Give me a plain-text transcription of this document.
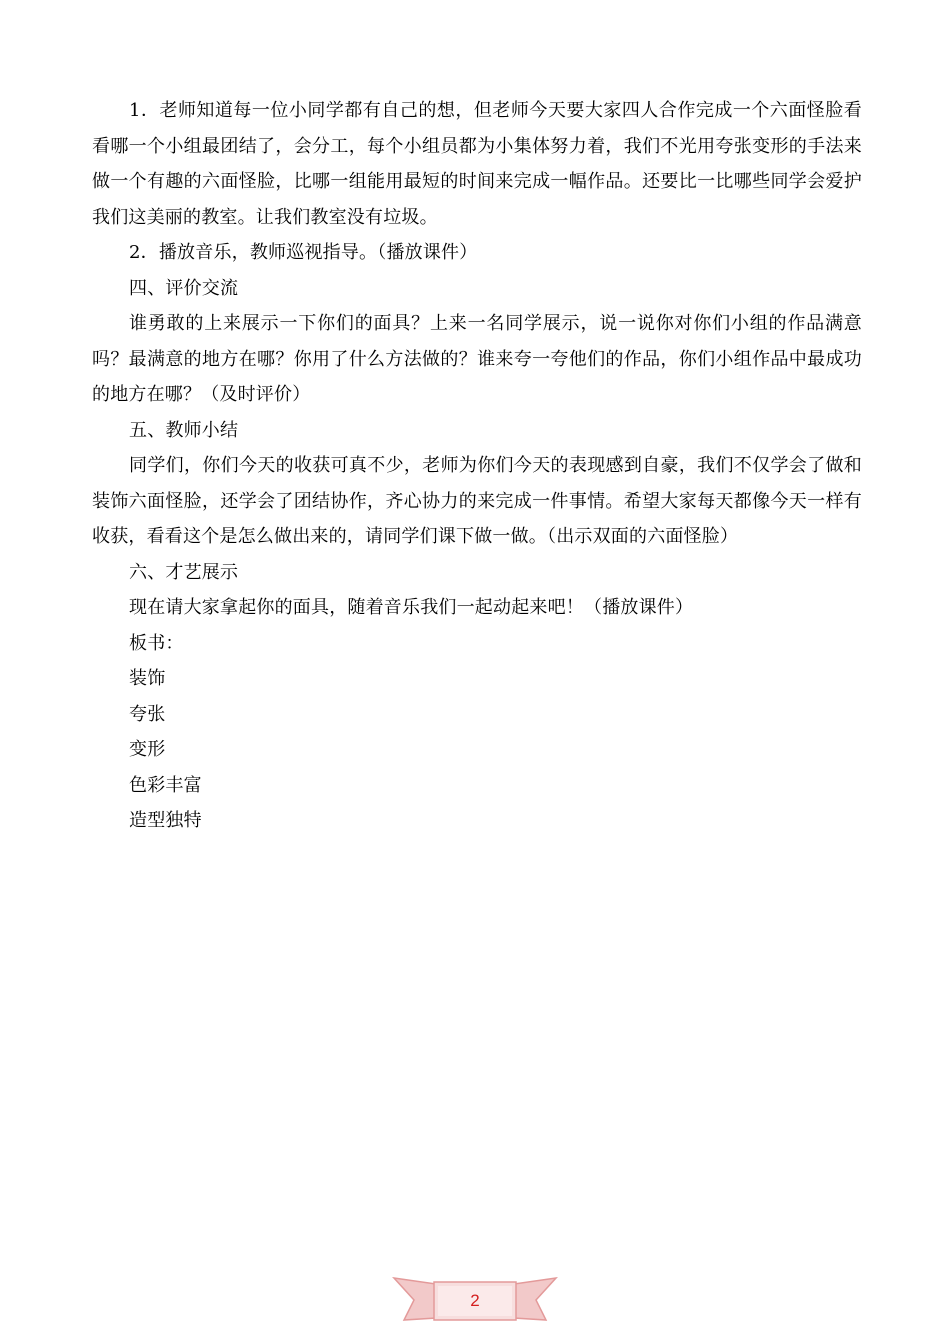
1．老师知道每一位小同学都有自己的想，但老师今天要大家四人合作完成一个六面怪脸看看哪一个小组最团结了，会分工，每个小组员都为小集体努力着，我们不光用夸张变形的手法来做一个有趣的六面怪脸，比哪一组能用最短的时间来完成一幅作品。还要比一比哪些同学会爱护我们这美丽的教室。让我们教室没有垃圾。

2．播放音乐，教师巡视指导。（播放课件）

四、评价交流

谁勇敢的上来展示一下你们的面具？上来一名同学展示，说一说你对你们小组的作品满意吗？最满意的地方在哪？你用了什么方法做的？谁来夸一夸他们的作品，你们小组作品中最成功的地方在哪？（及时评价）

五、教师小结

同学们，你们今天的收获可真不少，老师为你们今天的表现感到自豪，我们不仅学会了做和装饰六面怪脸，还学会了团结协作，齐心协力的来完成一件事情。希望大家每天都像今天一样有收获，看看这个是怎么做出来的，请同学们课下做一做。（出示双面的六面怪脸）

六、才艺展示

现在请大家拿起你的面具，随着音乐我们一起动起来吧！（播放课件）

板书：

装饰

夸张

变形

色彩丰富

造型独特

2
